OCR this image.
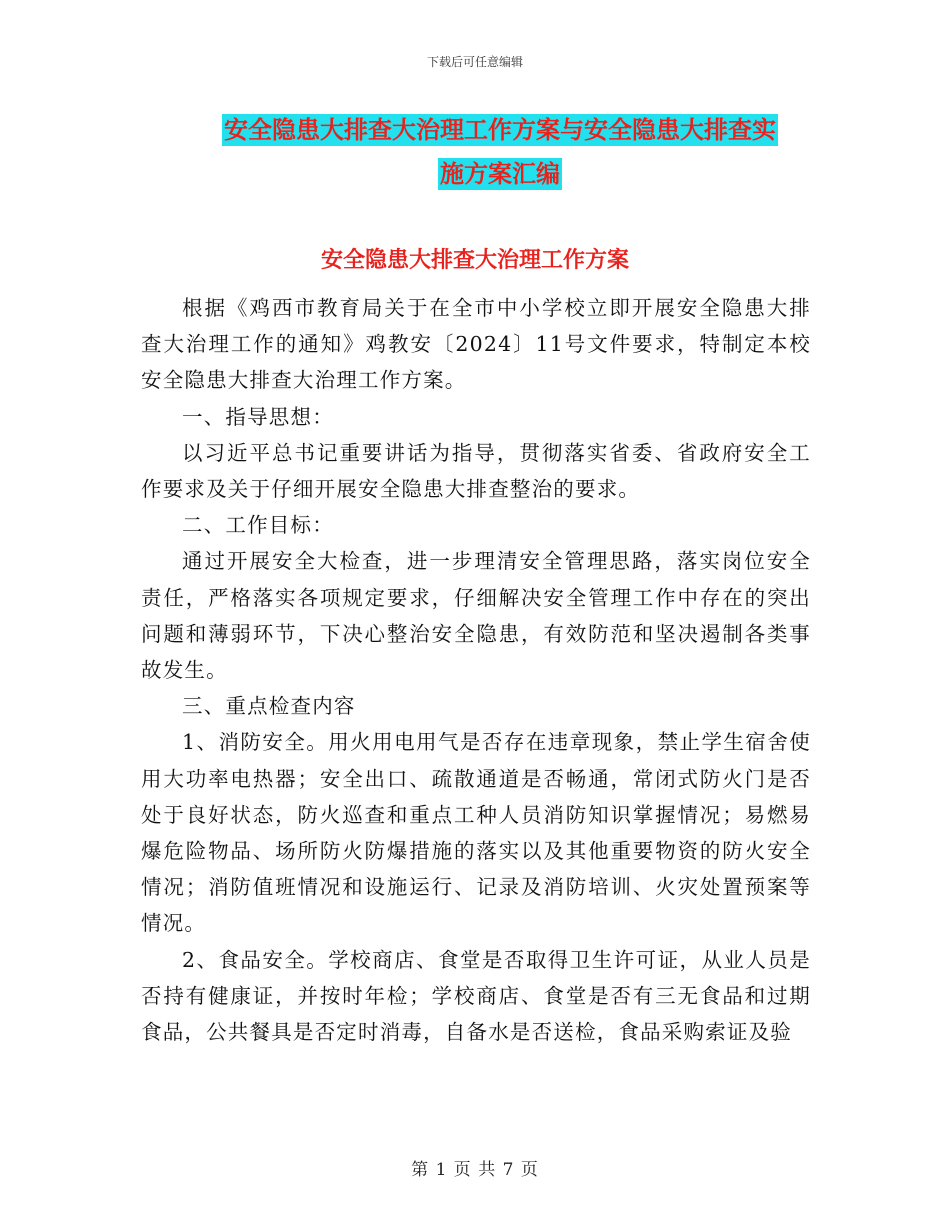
下载后可任意编辑
安全隐患大排查大治理工作方案与安全隐患大排查实
施方案汇编
安全隐患大排查大治理工作方案

根据《鸡西市教育局关于在全市中小学校立即开展安全隐患大排查大治理工作的通知》鸡教安〔2024〕11号文件要求，特制定本校安全隐患大排查大治理工作方案。

一、指导思想：

以习近平总书记重要讲话为指导，贯彻落实省委、省政府安全工作要求及关于仔细开展安全隐患大排查整治的要求。

二、工作目标：

通过开展安全大检查，进一步理清安全管理思路，落实岗位安全责任，严格落实各项规定要求，仔细解决安全管理工作中存在的突出问题和薄弱环节，下决心整治安全隐患，有效防范和坚决遏制各类事故发生。

三、重点检查内容

1、消防安全。用火用电用气是否存在违章现象，禁止学生宿舍使用大功率电热器；安全出口、疏散通道是否畅通，常闭式防火门是否处于良好状态，防火巡查和重点工种人员消防知识掌握情况；易燃易爆危险物品、场所防火防爆措施的落实以及其他重要物资的防火安全情况；消防值班情况和设施运行、记录及消防培训、火灾处置预案等情况。

2、食品安全。学校商店、食堂是否取得卫生许可证，从业人员是否持有健康证，并按时年检；学校商店、食堂是否有三无食品和过期食品，公共餐具是否定时消毒，自备水是否送检，食品采购索证及验

第 1 页 共 7 页
